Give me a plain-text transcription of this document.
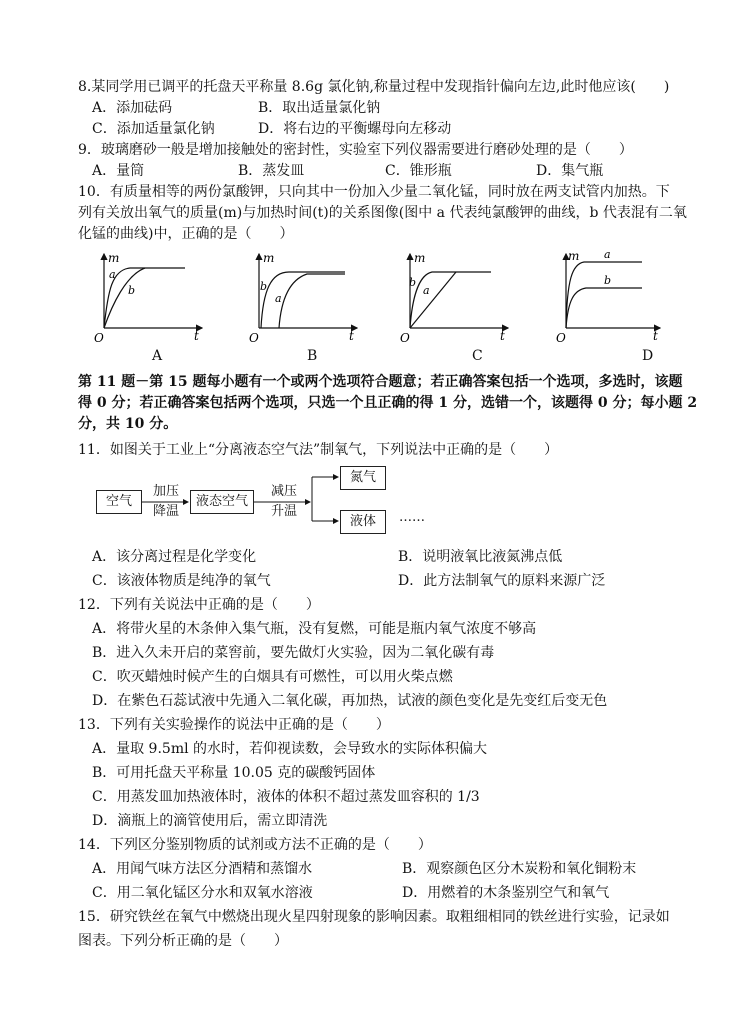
8.某同学用已调平的托盘天平称量 8.6g 氯化钠,称量过程中发现指针偏向左边,此时他应该(　　)
A．添加砝码	B．取出适量氯化钠
C．添加适量氯化钠	D．将右边的平衡螺母向左移动
9．玻璃磨砂一般是增加接触处的密封性，实验室下列仪器需要进行磨砂处理的是（　　）
A．量筒	B．蒸发皿	C．锥形瓶	D．集气瓶
10．有质量相等的两份氯酸钾，只向其中一份加入少量二氧化锰，同时放在两支试管内加热。下
列有关放出氧气的质量(m)与加热时间(t)的关系图像(图中 a 代表纯氯酸钾的曲线，b 代表混有二氧
化锰的曲线)中，正确的是（　　）
m
t
O
a
b
A
m
t
O
b
a
B
m
t
O
b
a
C
m
t
O
a
b
D
第 11 题－第 15 题每小题有一个或两个选项符合题意；若正确答案包括一个选项，多选时，该题
得 0 分；若正确答案包括两个选项，只选一个且正确的得 1 分，选错一个，该题得 0 分；每小题 2
分，共 10 分。
11．如图关于工业上“分离液态空气法”制氧气，下列说法中正确的是（　　）
空气
加压
降温
液态空气
减压
升温
氮气
液体	……
A．该分离过程是化学变化	B．说明液氧比液氮沸点低
C．该液体物质是纯净的氧气	D．此方法制氧气的原料来源广泛
12．下列有关说法中正确的是（　　）
A．将带火星的木条伸入集气瓶，没有复燃，可能是瓶内氧气浓度不够高
B．进入久未开启的菜窖前，要先做灯火实验，因为二氧化碳有毒
C．吹灭蜡烛时候产生的白烟具有可燃性，可以用火柴点燃
D．在紫色石蕊试液中先通入二氧化碳，再加热，试液的颜色变化是先变红后变无色
13．下列有关实验操作的说法中正确的是（　　）
A．量取 9.5ml 的水时，若仰视读数，会导致水的实际体积偏大
B．可用托盘天平称量 10.05 克的碳酸钙固体
C．用蒸发皿加热液体时，液体的体积不超过蒸发皿容积的 1/3
D．滴瓶上的滴管使用后，需立即清洗
14．下列区分鉴别物质的试剂或方法不正确的是（　　）
A．用闻气味方法区分酒精和蒸馏水	B．观察颜色区分木炭粉和氧化铜粉末
C．用二氧化锰区分水和双氧水溶液	D．用燃着的木条鉴别空气和氧气
15．研究铁丝在氧气中燃烧出现火星四射现象的影响因素。取粗细相同的铁丝进行实验，记录如
图表。下列分析正确的是（　　）
